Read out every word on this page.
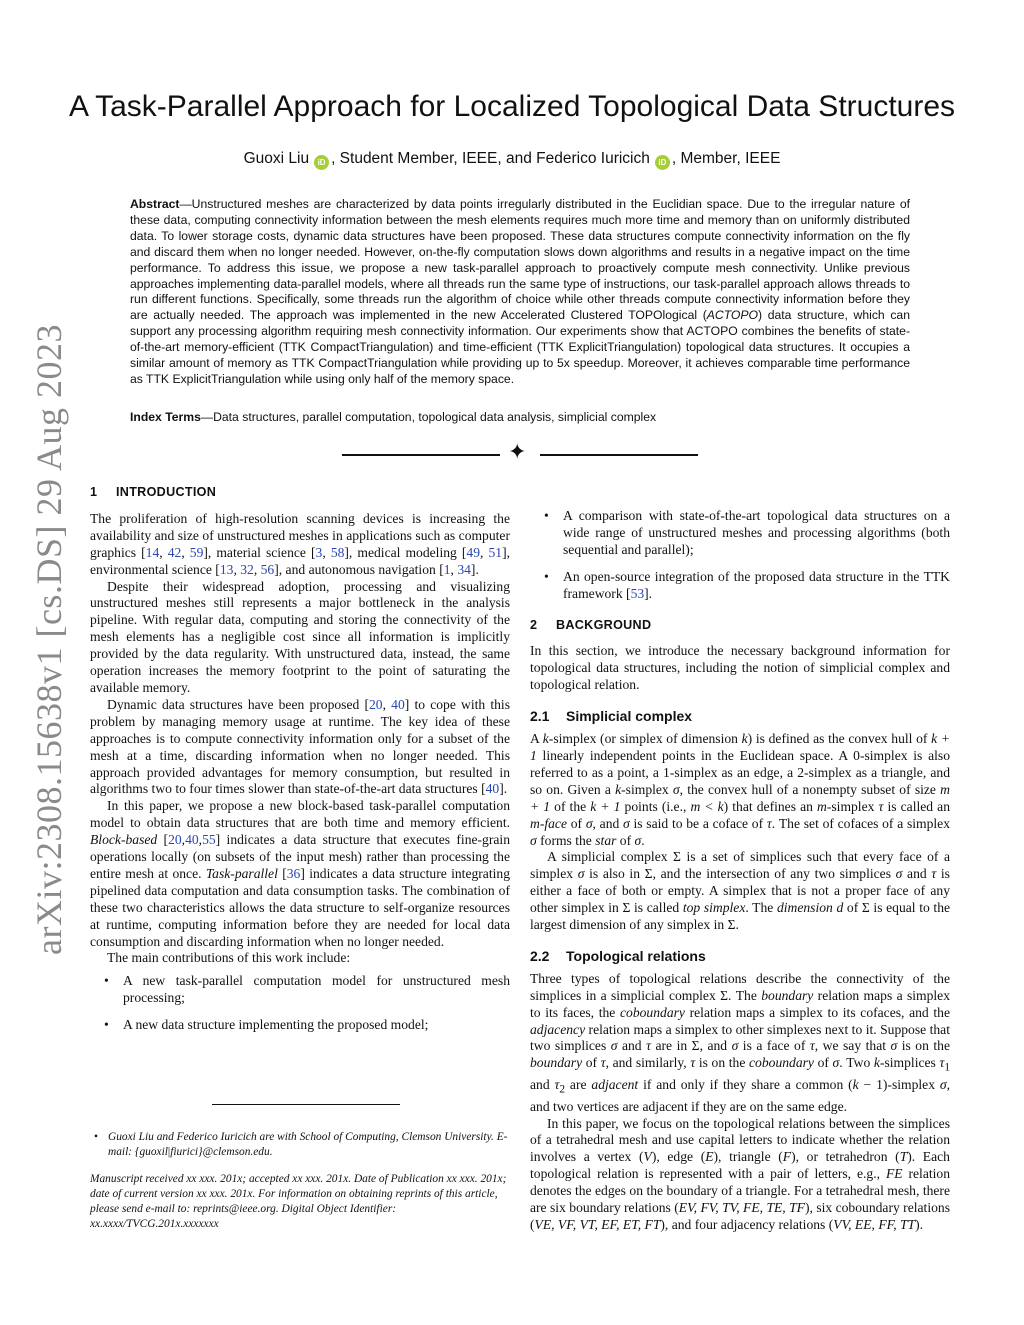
arXiv:2308.15638v1 [cs.DS] 29 Aug 2023
A Task-Parallel Approach for Localized Topological Data Structures
Guoxi Liu iD , Student Member, IEEE, and Federico Iuricich iD , Member, IEEE

Abstract—Unstructured meshes are characterized by data points irregularly distributed in the Euclidian space. Due to the irregular nature of these data, computing connectivity information between the mesh elements requires much more time and memory than on uniformly distributed data. To lower storage costs, dynamic data structures have been proposed. These data structures compute connectivity information on the fly and discard them when no longer needed. However, on-the-fly computation slows down algorithms and results in a negative impact on the time performance. To address this issue, we propose a new task-parallel approach to proactively compute mesh connectivity. Unlike previous approaches implementing data-parallel models, where all threads run the same type of instructions, our task-parallel approach allows threads to run different functions. Specifically, some threads run the algorithm of choice while other threads compute connectivity information before they are actually needed. The approach was implemented in the new Accelerated Clustered TOPOlogical (ACTOPO) data structure, which can support any processing algorithm requiring mesh connectivity information. Our experiments show that ACTOPO combines the benefits of state-of-the-art memory-efficient (TTK CompactTriangulation) and time-efficient (TTK ExplicitTriangulation) topological data structures. It occupies a similar amount of memory as TTK CompactTriangulation while providing up to 5x speedup. Moreover, it achieves comparable time performance as TTK ExplicitTriangulation while using only half of the memory space.

Index Terms—Data structures, parallel computation, topological data analysis, simplicial complex

✦
1 INTRODUCTION

The proliferation of high-resolution scanning devices is increasing the availability and size of unstructured meshes in applications such as computer graphics [14, 42, 59], material science [3, 58], medical modeling [49, 51], environmental science [13, 32, 56], and autonomous navigation [1, 34].

Despite their widespread adoption, processing and visualizing unstructured meshes still represents a major bottleneck in the analysis pipeline. With regular data, computing and storing the connectivity of the mesh elements has a negligible cost since all information is implicitly provided by the data regularity. With unstructured data, instead, the same operation increases the memory footprint to the point of saturating the available memory.

Dynamic data structures have been proposed [20, 40] to cope with this problem by managing memory usage at runtime. The key idea of these approaches is to compute connectivity information only for a subset of the mesh at a time, discarding information when no longer needed. This approach provided advantages for memory consumption, but resulted in algorithms two to four times slower than state-of-the-art data structures [40].

In this paper, we propose a new block-based task-parallel computation model to obtain data structures that are both time and memory efficient. Block-based [20,40,55] indicates a data structure that executes fine-grain operations locally (on subsets of the input mesh) rather than processing the entire mesh at once. Task-parallel [36] indicates a data structure integrating pipelined data computation and data consumption tasks. The combination of these two characteristics allows the data structure to self-organize resources at runtime, computing information before they are needed for local data consumption and discarding information when no longer needed.

The main contributions of this work include:

• A new task-parallel computation model for unstructured mesh processing;
• A new data structure implementing the proposed model;

• Guoxi Liu and Federico Iuricich are with School of Computing, Clemson University. E-mail: {guoxil|fiurici}@clemson.edu.

Manuscript received xx xxx. 201x; accepted xx xxx. 201x. Date of Publication xx xxx. 201x; date of current version xx xxx. 201x. For information on obtaining reprints of this article, please send e-mail to: reprints@ieee.org. Digital Object Identifier: xx.xxxx/TVCG.201x.xxxxxxx

• A comparison with state-of-the-art topological data structures on a wide range of unstructured meshes and processing algorithms (both sequential and parallel);
• An open-source integration of the proposed data structure in the TTK framework [53].
2 BACKGROUND

In this section, we introduce the necessary background information for topological data structures, including the notion of simplicial complex and topological relation.

2.1 Simplicial complex

A k-simplex (or simplex of dimension k) is defined as the convex hull of k + 1 linearly independent points in the Euclidean space. A 0-simplex is also referred to as a point, a 1-simplex as an edge, a 2-simplex as a triangle, and so on. Given a k-simplex σ, the convex hull of a nonempty subset of size m + 1 of the k + 1 points (i.e., m < k) that defines an m-simplex τ is called an m-face of σ, and σ is said to be a coface of τ. The set of cofaces of a simplex σ forms the star of σ.

A simplicial complex Σ is a set of simplices such that every face of a simplex σ is also in Σ, and the intersection of any two simplices σ and τ is either a face of both or empty. A simplex that is not a proper face of any other simplex in Σ is called top simplex. The dimension d of Σ is equal to the largest dimension of any simplex in Σ.

2.2 Topological relations

Three types of topological relations describe the connectivity of the simplices in a simplicial complex Σ. The boundary relation maps a simplex to its faces, the coboundary relation maps a simplex to its cofaces, and the adjacency relation maps a simplex to other simplexes next to it. Suppose that two simplices σ and τ are in Σ, and σ is a face of τ, we say that σ is on the boundary of τ, and similarly, τ is on the coboundary of σ. Two k-simplices $\tau_1$ and $\tau_2$ are adjacent if and only if they share a common (k − 1)-simplex σ, and two vertices are adjacent if they are on the same edge.

In this paper, we focus on the topological relations between the simplices of a tetrahedral mesh and use capital letters to indicate whether the relation involves a vertex (V), edge (E), triangle (F), or tetrahedron (T). Each topological relation is represented with a pair of letters, e.g., FE relation denotes the edges on the boundary of a triangle. For a tetrahedral mesh, there are six boundary relations (EV, FV, TV, FE, TE, TF), six coboundary relations (VE, VF, VT, EF, ET, FT), and four adjacency relations (VV, EE, FF, TT).
